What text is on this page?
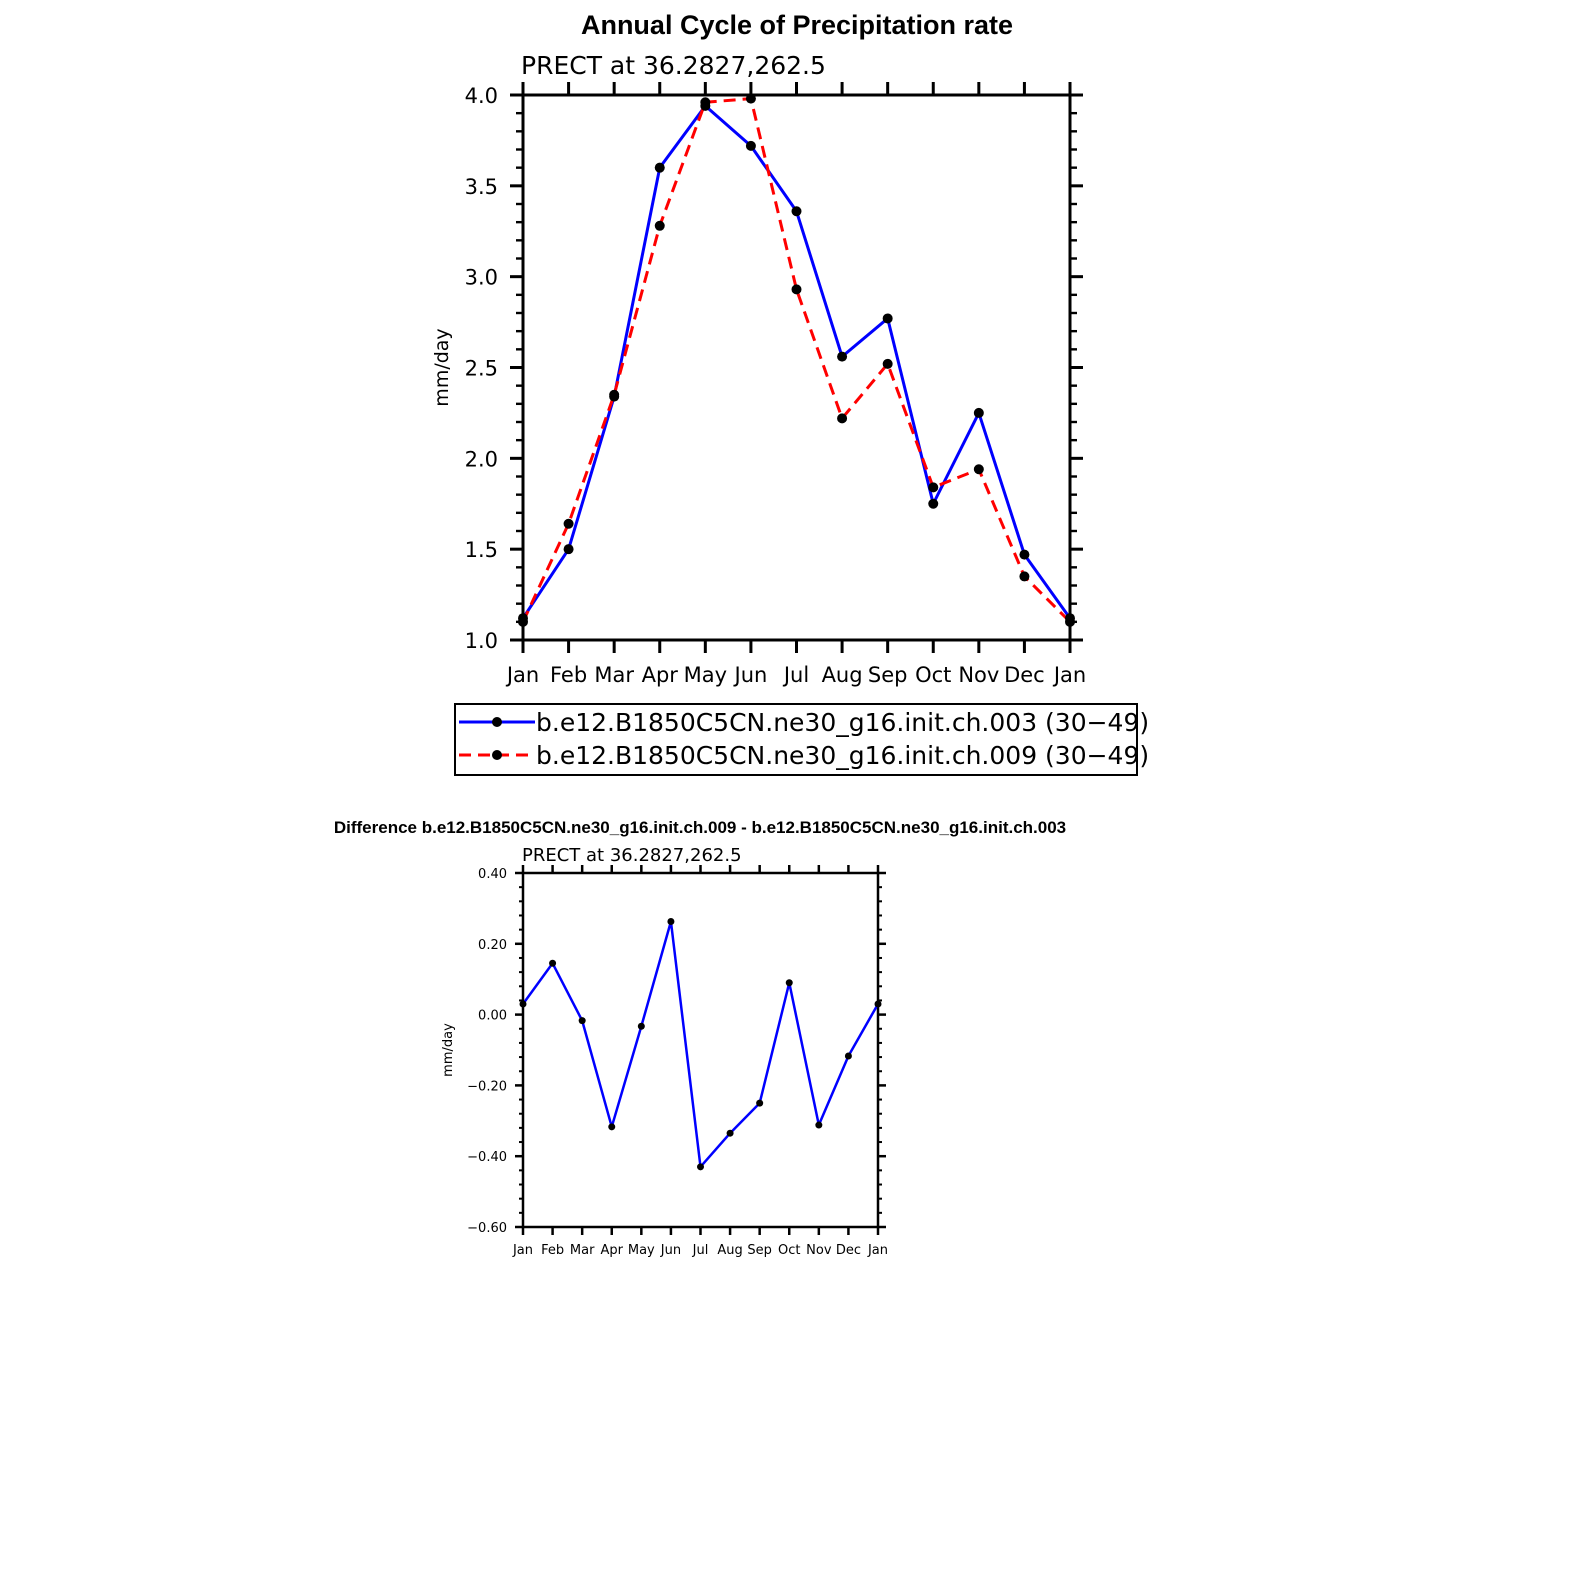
Annual Cycle of Precipitation rate
PRECT at 36.2827,262.5
Jan Feb Mar Apr May Jun Jul Aug Sep Oct Nov Dec Jan
1.0
1.5
2.0
2.5
3.0
3.5
4.0
mm/day
b.e12.B1850C5CN.ne30_g16.init.ch.003 (30−49)
b.e12.B1850C5CN.ne30_g16.init.ch.009 (30−49)
Difference b.e12.B1850C5CN.ne30_g16.init.ch.009 - b.e12.B1850C5CN.ne30_g16.init.ch.003
PRECT at 36.2827,262.5
Jan Feb Mar Apr May Jun Jul Aug Sep Oct Nov Dec Jan
−0.60
−0.40
−0.20
0.00
0.20
0.40
mm/day
